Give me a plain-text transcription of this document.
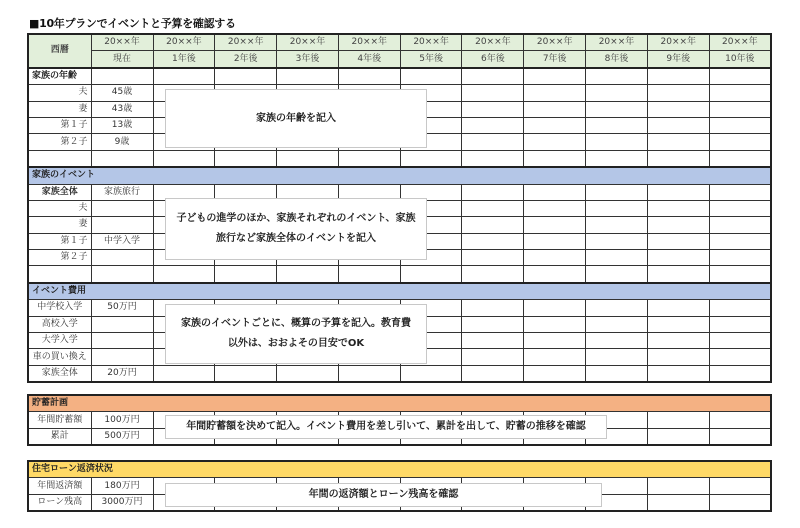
■10年プランでイベントと予算を確認する
西暦	20××年	20××年	20××年	20××年	20××年	20××年	20××年	20××年	20××年	20××年	20××年
	現在	1年後	2年後	3年後	4年後	5年後	6年後	7年後	8年後	9年後	10年後
家族の年齢											
夫	45歳										
妻	43歳										
第１子	13歳										
第２子	9歳										

家族のイベント											
家族全体	家族旅行										
夫											
妻											
第１子	中学入学										
第２子											

イベント費用											
中学校入学	50万円										
高校入学											
大学入学											
車の買い換え											
家族全体	20万円										
貯蓄計画											
年間貯蓄額	100万円										
累計	500万円										
住宅ローン返済状況											
年間返済額	180万円										
ローン残高	3000万円										
家族の年齢を記入
子どもの進学のほか、家族それぞれのイベント、家族
旅行など家族全体のイベントを記入
家族のイベントごとに、概算の予算を記入。教育費
以外は、おおよその目安でOK
年間貯蓄額を決めて記入。イベント費用を差し引いて、累計を出して、貯蓄の推移を確認
年間の返済額とローン残高を確認
